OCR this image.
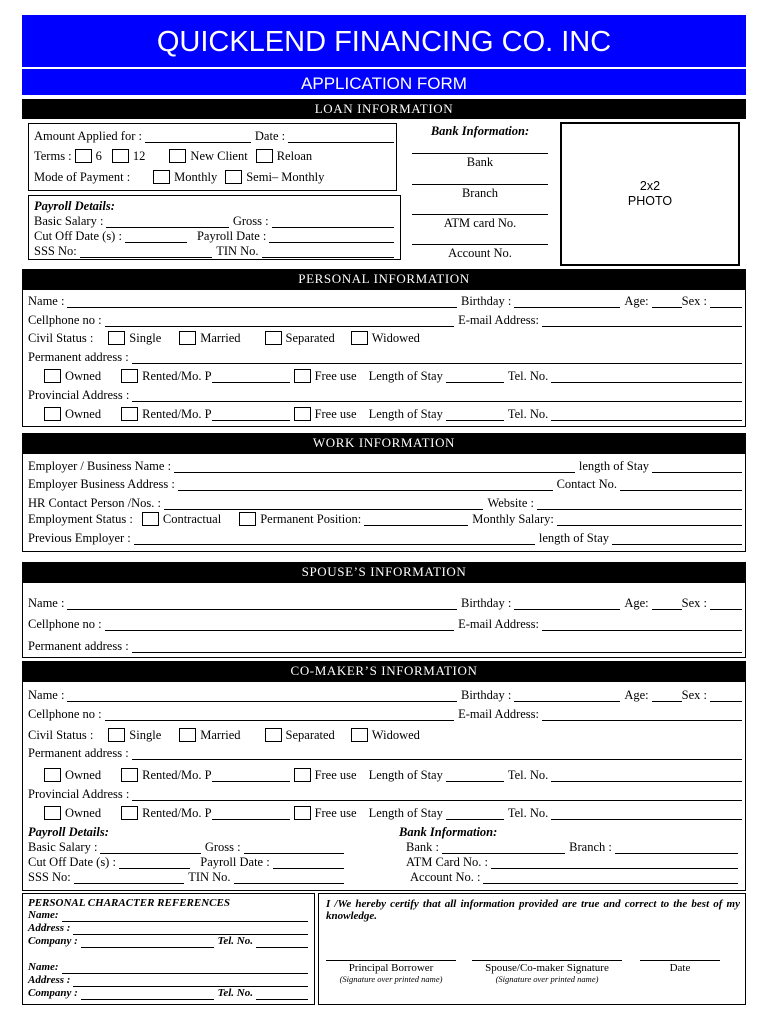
QUICKLEND FINANCING CO. INC
APPLICATION FORM
LOAN INFORMATION
Amount Applied for :	Date :
Terms : 6 12	New Client Reloan
Mode of Payment :	Monthly Semi– Monthly
Payroll Details:
Basic Salary :	Gross :
Cut Off Date (s) :	Payroll Date :
SSS No:	TIN No.
Bank Information:
Bank
Branch
ATM card No.
Account No.
2x2
PHOTO
PERSONAL INFORMATION
Name :	Birthday :	Age:	Sex :
Cellphone no :	E-mail Address:
Civil Status :	Single	Married	Separated	Widowed
Permanent address :
Owned	Rented/Mo. P	Free use Length of Stay	Tel. No.
Provincial Address :
Owned	Rented/Mo. P	Free use Length of Stay	Tel. No.
WORK INFORMATION
Employer / Business Name :	length of Stay
Employer Business Address :	Contact No.
HR Contact Person /Nos. :	Website :
Employment Status : Contractual	Permanent Position:	Monthly Salary:
Previous Employer :	length of Stay
SPOUSE’S INFORMATION
Name :	Birthday :	Age:	Sex :
Cellphone no :	E-mail Address:
Permanent address :
CO-MAKER’S INFORMATION
Name :	Birthday :	Age:	Sex :
Cellphone no :	E-mail Address:
Civil Status :	Single	Married	Separated	Widowed
Permanent address :
Owned	Rented/Mo. P	Free use Length of Stay	Tel. No.
Provincial Address :
Owned	Rented/Mo. P	Free use Length of Stay	Tel. No.
Payroll Details:
Basic Salary :	Gross :
Cut Off Date (s) :	Payroll Date :
SSS No:	TIN No.
Bank Information:
Bank :	Branch :
ATM Card No. :
Account No. :
PERSONAL CHARACTER REFERENCES
Name:
Address :
Company :	Tel. No.
Name:
Address :
Company :	Tel. No.
I /We hereby certify that all information provided are true and correct to the best of my knowledge.
Principal Borrower
(Signature over printed name)
Spouse/Co-maker Signature
(Signature over printed name)
Date
